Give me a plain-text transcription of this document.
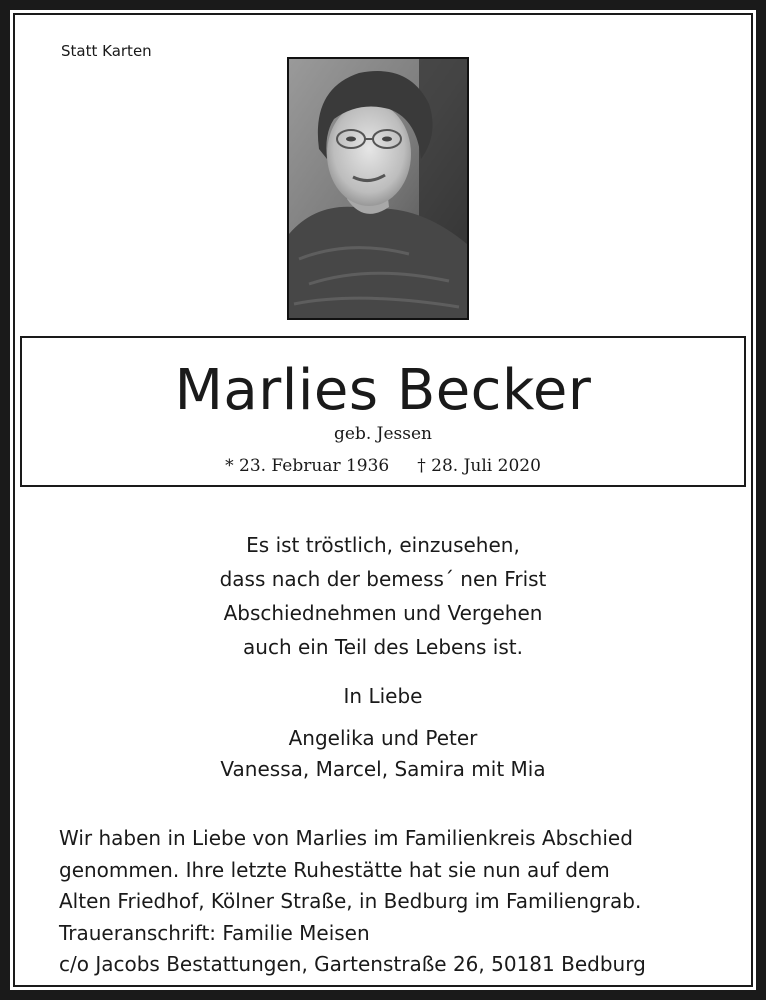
Statt Karten
Marlies Becker
geb. Jessen
* 23. Februar 1936 † 28. Juli 2020
Es ist tröstlich, einzusehen,
dass nach der bemess´ nen Frist
Abschiednehmen und Vergehen
auch ein Teil des Lebens ist.
In Liebe
Angelika und Peter
Vanessa, Marcel, Samira mit Mia
Wir haben in Liebe von Marlies im Familienkreis Abschied
genommen. Ihre letzte Ruhestätte hat sie nun auf dem
Alten Friedhof, Kölner Straße, in Bedburg im Familiengrab.
Traueranschrift: Familie Meisen
c/o Jacobs Bestattungen, Gartenstraße 26, 50181 Bedburg
